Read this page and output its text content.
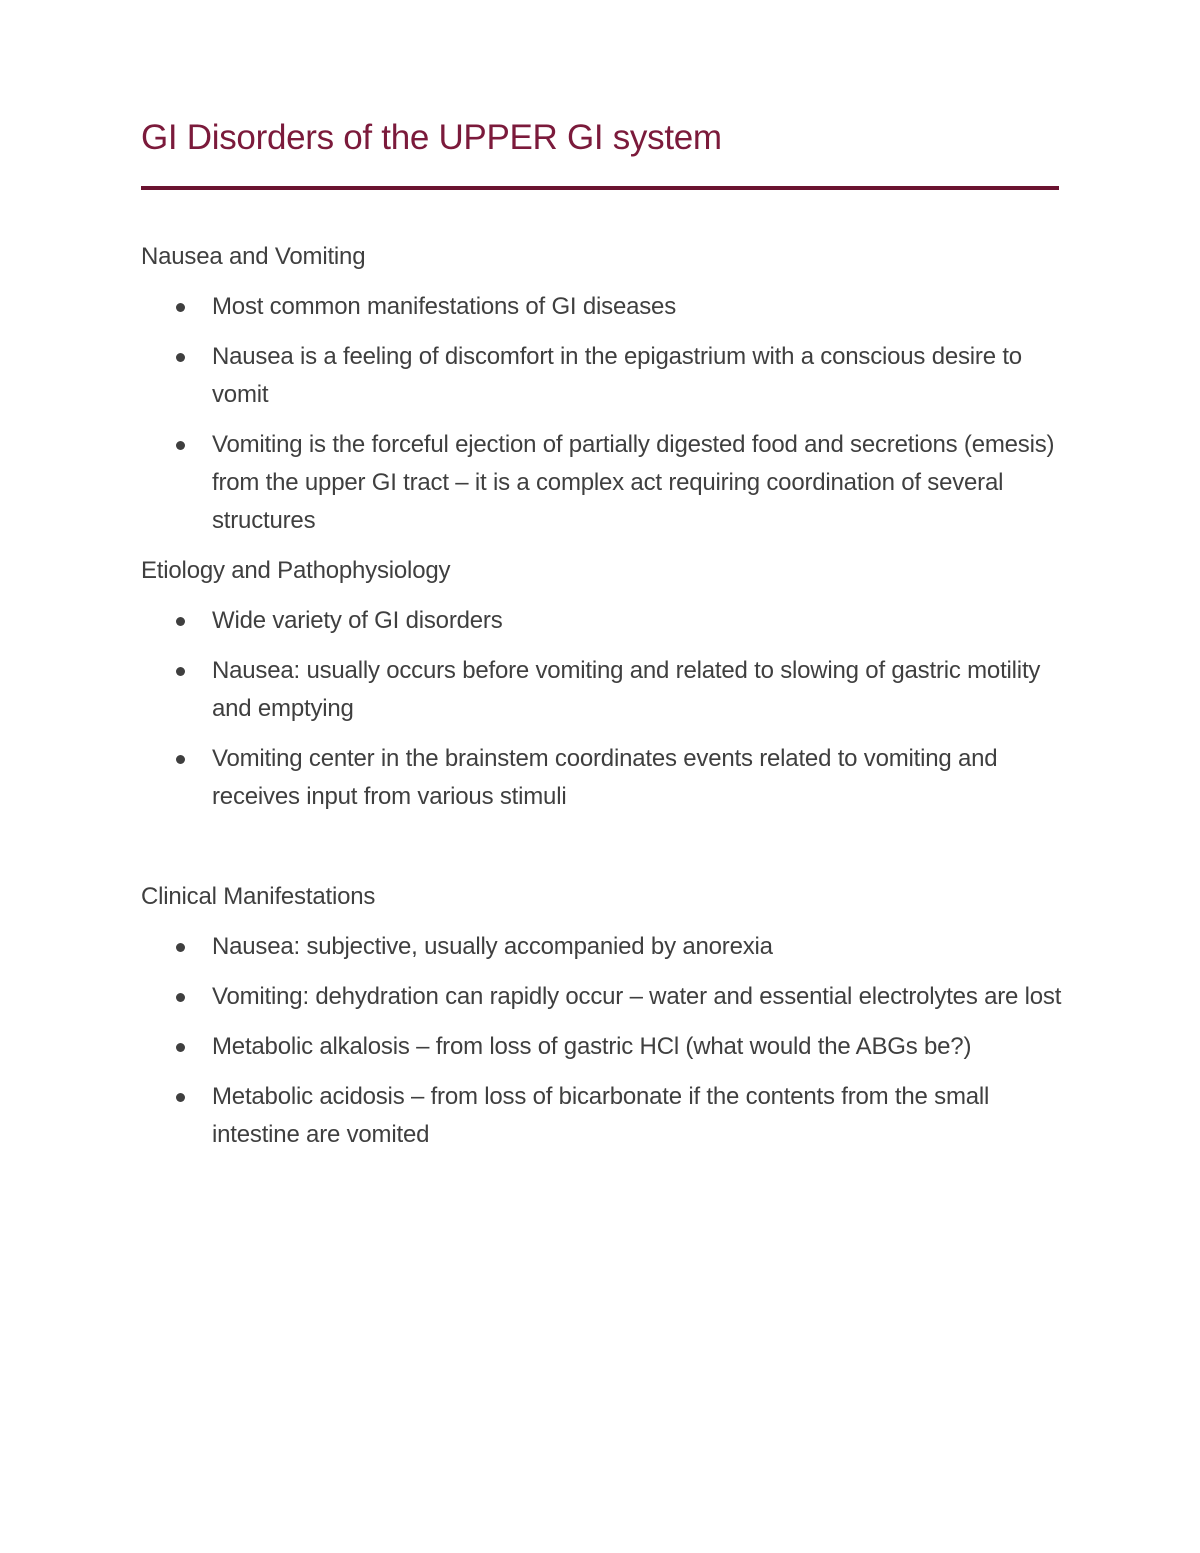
GI Disorders of the UPPER GI system
Nausea and Vomiting
Most common manifestations of GI diseases
Nausea is a feeling of discomfort in the epigastrium with a conscious desire to vomit
Vomiting is the forceful ejection of partially digested food and secretions (emesis) from the upper GI tract – it is a complex act requiring coordination of several structures
Etiology and Pathophysiology
Wide variety of GI disorders
Nausea: usually occurs before vomiting and related to slowing of gastric motility and emptying
Vomiting center in the brainstem coordinates events related to vomiting and receives input from various stimuli
Clinical Manifestations
Nausea: subjective, usually accompanied by anorexia
Vomiting: dehydration can rapidly occur – water and essential electrolytes are lost
Metabolic alkalosis – from loss of gastric HCl (what would the ABGs be?)
Metabolic acidosis – from loss of bicarbonate if the contents from the small intestine are vomited
